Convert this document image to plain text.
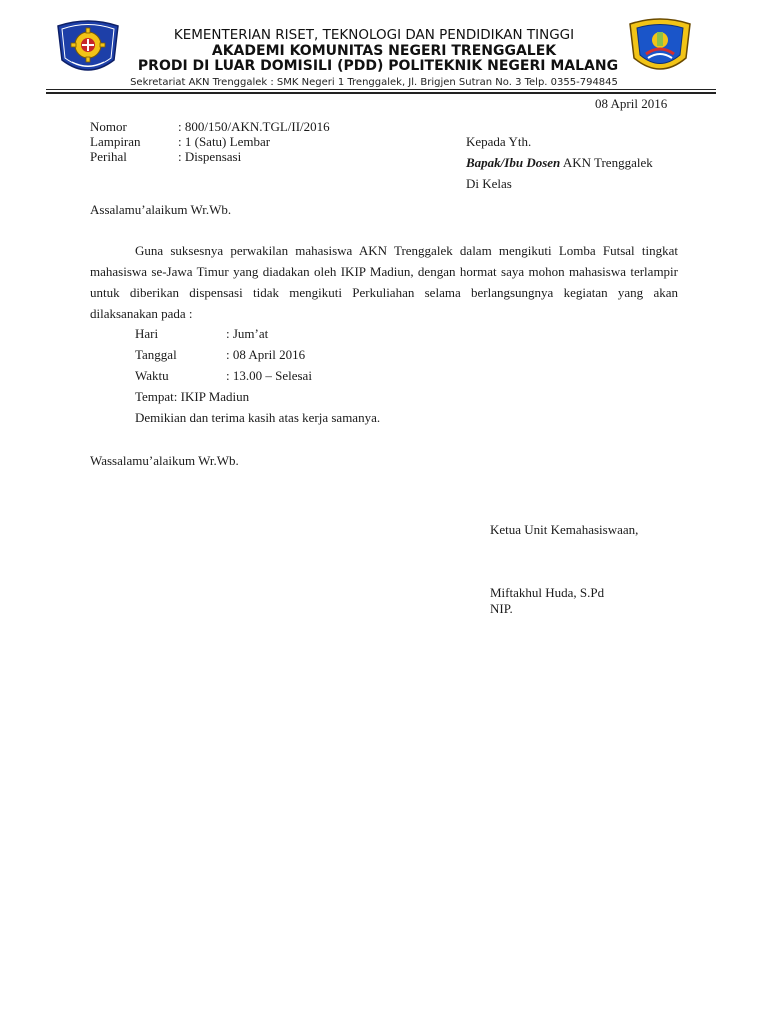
KEMENTERIAN RISET, TEKNOLOGI DAN PENDIDIKAN TINGGI
AKADEMI KOMUNITAS NEGERI TRENGGALEK
PRODI DI LUAR DOMISILI (PDD) POLITEKNIK NEGERI MALANG
Sekretariat AKN Trenggalek : SMK Negeri 1 Trenggalek, Jl. Brigjen Sutran No. 3 Telp. 0355-794845
08 April 2016
Nomor	: 800/150/AKN.TGL/II/2016
Lampiran	: 1 (Satu) Lembar
Perihal	: Dispensasi
Kepada Yth.
Bapak/Ibu Dosen AKN Trenggalek
Di Kelas
Assalamu’alaikum Wr.Wb.
Guna suksesnya perwakilan mahasiswa AKN Trenggalek dalam mengikuti Lomba Futsal tingkat mahasiswa se-Jawa Timur yang diadakan oleh IKIP Madiun, dengan hormat saya mohon mahasiswa terlampir untuk diberikan dispensasi tidak mengikuti Perkuliahan selama berlangsungnya kegiatan yang akan dilaksanakan pada :
Hari	: Jum’at
Tanggal	: 08 April 2016
Waktu	: 13.00 – Selesai
Tempat: IKIP Madiun
Demikian dan terima kasih atas kerja samanya.
Wassalamu’alaikum Wr.Wb.
Ketua Unit Kemahasiswaan,
Miftakhul Huda, S.Pd
NIP.
